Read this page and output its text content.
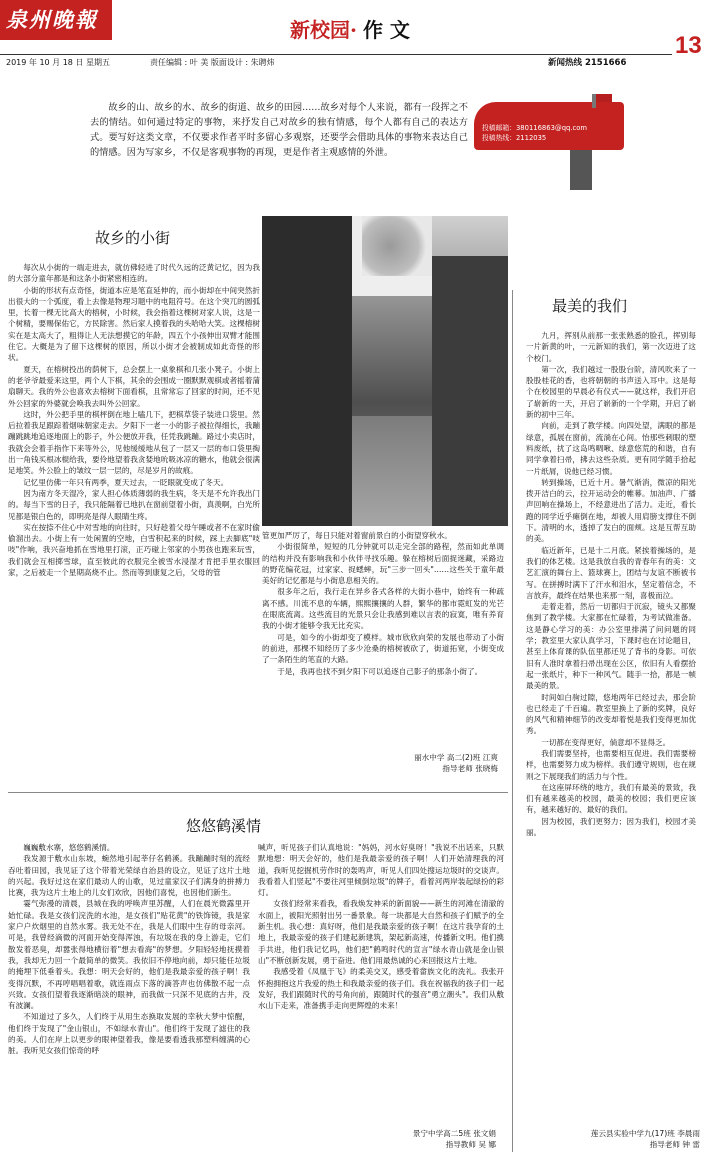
泉州晚報	新校园· 作 文
13
2019 年 10 月 18 日 星期五	责任编辑 : 叶 美 版面设计 : 朱聘炜	新闻热线 2151666

故乡的山、故乡的水、故乡的街道、故乡的田园……故乡对每个人来说，都有一段挥之不去的情结。如何通过特定的事物，来抒发自己对故乡的独有情感，每个人都有自己的表达方式。要写好这类文章，不仅要求作者平时多留心多观察，还要学会借助具体的事物来表达自己的情感。因为写家乡，不仅是客观事物的再现，更是作者主观感情的外泄。

投稿邮箱：380116863@qq.com
投稿热线：2112035
故乡的小街

每次从小街的一端走进去，就仿佛轻进了时代久远的泛黄记忆，因为我的大部分童年都是和这条小街紧密相连的。

小街的形状有点奇怪，街道本应是笔直延伸的，而小街却在中间突然折出很大的一个弧度，看上去像是物理习题中的电阻符号。在这个突兀的圆弧里，长着一棵无比高大的榕树，小时候，我会指着这棵树对家人说，这是一个树精，要赐保佑它，方民除害。然后家人摸着我的头哈哈大笑。这棵榕树实在是太高大了，粗得让人无法想摸它的年龄，四五个小孩伸出双臂才能围住它。大概是为了留下这棵树的原因，所以小街才会被制成如此奇怪的形状。

夏天，在榕树投出的荫树下，总会摆上一桌象棋和几张小凳子。小街上的老爷爷最爱来这里，两个人下棋，其余的会围成一圈默默观棋或者摇着蒲扇聊天。我的外公也喜欢去榕树下面看棋，且常常忘了回家的时间，还不见外公回家的外婆就会唤我去叫外公回家。

这时，外公把手里的棋枰倒在地上嗑几下，把棋草袋子装进口袋里。然后拉着我足跟踪着烟味朝家走去。夕阳下一老一小的影子被拉得细长，我蹦蹦跳跳地追逐地面上的影子，外公便放开我，任凭我跳蹦。路过小卖店时，我就会会着手指作下来等外公，见他缓缓地从包了一层又一层的布口袋里掏出一角钱买根冰棍给我，要伶地望着我贪婪地吮吸冰凉的糖水，他就会很满足地笑。外公脸上的皱纹一层一层的，尽是岁月的故痕。

记忆里仿佛一年只有两季，夏天过去，一眨眼就变成了冬天。

因为南方冬天湿冷，家人担心体质薄弱的我生病，冬天是不允许我出门的。每当下雪的日子，我只能隔着已地扒在窗前望着小街，真羡啊，白光所见都是银白色的，即明亮是得人眼睛生疼。

实在按捺不住心中对雪地的向往时，只好趁着父母午睡或者不在家时偷偷溜出去。小街上有一处闲置的空地，白雪积起来的时候，踩上去脚底"吱吱"作响，我兴奋地抓在雪地里打滚，正巧碰上邻家的小男孩也跑来玩雪，我们就会互相掷雪球，直至彼此的衣服完全被雪水浸湿才肯把手里衣服回家，之后被走一个星期高烧不止。然而等到康复之后，父母的管

管更加严厉了，每日只能对着窗前景白的小街望穿秋水。

小街很简单，短短的几分钟就可以走完全部的路程，然而如此单调的结构并没有影响我和小伙伴寻找乐趣。躲在榕树后面捉迷藏，采路边的野花编花冠，过家家、捉蟋蟀，玩"三步一回头"……这些关于童年最美好的记忆都是与小街息息相关的。

很多年之后，我行走在异乡各式各样的大街小巷中，始终有一种疏离不感。川流不息的车辆，熙熙攘攘的人群，繁华的都市霓虹发的光芒在眼底流离。这些流目的光景只会让我感到难以言表的寂寞，唯有养育我的小街才能够令我无比充实。

可是，如今的小街却变了模样。城市欣欣向荣的发展也带动了小街的前进，那棵不知经历了多少沧桑的榕树被砍了，街道拓宽，小街变成了一条陌生的笔直的大路。

于是，我再也找不到夕阳下可以追逐自己影子的那条小街了。

丽水中学 高二(2)班 江爽

指导老师 张晓梅

最美的我们

九月，挥别从前那一张张熟悉的脸孔，挥别每一片新黄的叶，一元新知的我们，第一次迈进了这个校门。

第一次，我们越过一股股台阶，清风吹来了一股股桂花的香，也将朝朝的书声送入耳中。这是每个在校园里的早晨必有仪式——就这样，我们开启了崭新的一天，开启了崭新的一个学期，开启了崭新的初中三年。

向前，走到了教学楼。向四处望，满眼的都是绿意，孤展在窗前，流淌在心间。怡那些刺眼的塑料废纸，扰了这岛鸣啁啾、绿意悠荒的和谐，自有同学拿着扫帚，拂去这些杂质。更有同学随手拾起一片纸屑，说他已经习惯。

转到操场，已近十月。暑气渐消，微凉的阳光拨开洁白的云，拉开运动会的帷幕。加油声、广播声回响在操场上，不经意进出了活力。走近，看长跑的同学近乎瘫倒在地，却被人用肩膀支撑住不倒下。清明的水，透掉了发白的面颊。这是互帮互助的美。

临近新年，已是十二月底。紧挨着操场的，是我们的体艺楼。这是我放自我的青春年有的美：文艺汇演的舞台上、篮球赛上，团结与友谊不断被书写。在拼搏时满下了汗水和泪水，坚定着信念，不言放弃，最终在结果也来那一刻，喜极而泣。

走着走着，然后一切都归于沉寂，镜头又都聚焦到了教学楼。大家都在忙碌着，为考试做准备。这是静心学习的美：办公室里排满了问问题的同学；教室里大家认真学习，下课时也在讨论题目，甚至上体育课的队伍里都还见了背书的身影。可依旧有人准时拿着扫帚出现在公区，依旧有人看摆拾起一张纸片，种下一种风气。随手一拾，都是一帧最美的景。

时间如白驹过隙，悠地两年已经过去，那会阶也已经走了千百遍。教室里换上了新的奖牌，良好的风气和精神细节的改变却着悦是我们变得更加优秀。

一切都在变得更好，倘意却不显得乏。

我们需要坚持，也需要相互促进。我们需要榜样，也需要努力成为榜样。我们遵守规则，也在规则之下展现我们的活力与个性。

在这座屏环绕的地方，我们有最美的景致，我们有越来越美的校园，最美的校园；我们更应该有，越来越好的、最好的我们。

因为校园，我们更努力；因为我们，校园才美丽。

莲云县实验中学九(17)班 李晨雨

指导老师 钟 雷

悠悠鹤溪情

巍巍敷水寨，悠悠鹤溪情。

我发源于敷水山东坡，蜿然地引起莘仔名鹤溪。我蹦蹦时刻的流经吞吐着田园，我见证了这个带着光荣绿自治县的设立，见证了这片土地的兴起。我好过这在家们最动人的山歌，见过童家汉子们满身的拼搏力比赛，我为这片土地上的儿女们欢欣，因他们喜悦，也因他们新生。

霎气弥漫的清晨，县城在我的呼唤声里苏醒，人们在晨光微露里开始忙碌。我是女孩们浣洗的水池，是女孩们"贴花黄"的铁饰镜，我是家家户户炊烟里的自然水雾。我无处不在，我是人们眼中生存的母亲河。可是，我曾经滴微的河面开始变得浑浊，有垃圾在我的身上游走，它们散发着恶臭，却嚣张得地横衍着"想去看海"的梦想。夕阳轻轻地抚摸着我，我却无力回一个最简单的微笑。我依旧不停地向前，却只能任垃圾的掩埋下低垂着头。我想：明天会好的，他们是我最亲爱的孩子啊！我变得沉默，不再哼唱唱着歌，就连雨点下落的滴答声也仿佛散不起一点兴致。女孩们望着我逐渐暗淡的眼神，而我做一只深不见底的古井，没有波澜。

不知道过了多久，人们终于从用生态换取发展的幸秋大梦中惊醒，他们终于发现了"金山银山，不如绿水青山"。他们终于发现了滤住的我的美。人们在岸上以更步的眼神望着我，像是要看透我那塑料缠满的心脏。我听见女孩们惊奇的呼

喊声，听见孩子们认真地说："妈妈，河水好臭呀！"我说不出话来，只默默地想：明天会好的，他们是我最亲爱的孩子啊！人们开始清理我的河道，我听见挖掘机劳作时的轰鸣声，听见人们四处搜运垃圾时的交谈声。我看着人们竖起"不要往河里倾倒垃圾"的牌子，看着河两岸装起绿扮的彩灯。

女孩们经常来看我，看我焕发神采的新面貌——新生的河滩在清澈的水面上，被阳光照射出另一番景象。每一块都是大自然和孩子们赋予的全新生机。我心想：真好呀，他们是我最亲爱的孩子啊！在这片我孕育的土地上，我最亲爱的孩子们建起新建筑，架起新高速，传播新文明。他们携手共进，他们我记忆吗，他们把"鹤鸣时代的宣言"绿水青山就是金山银山"不断创新发展，勇于奋进。他们用最热诚的心来回报这片土地。

我感受着《凤凰于飞》的柔美交叉，感受着畲族文化的洗礼。我张开怀抱拥抱这片我爱的热土和我最亲爱的孩子们。我在祝福我的孩子们一起发好，我们跟随时代的号角向前，跟随时代的强音"勇立潮头"。我们从敷水山下走来，准备携手走向更辉煌的未来！

景宁中学高二5班 张文娟

指导教师 吴 娜
